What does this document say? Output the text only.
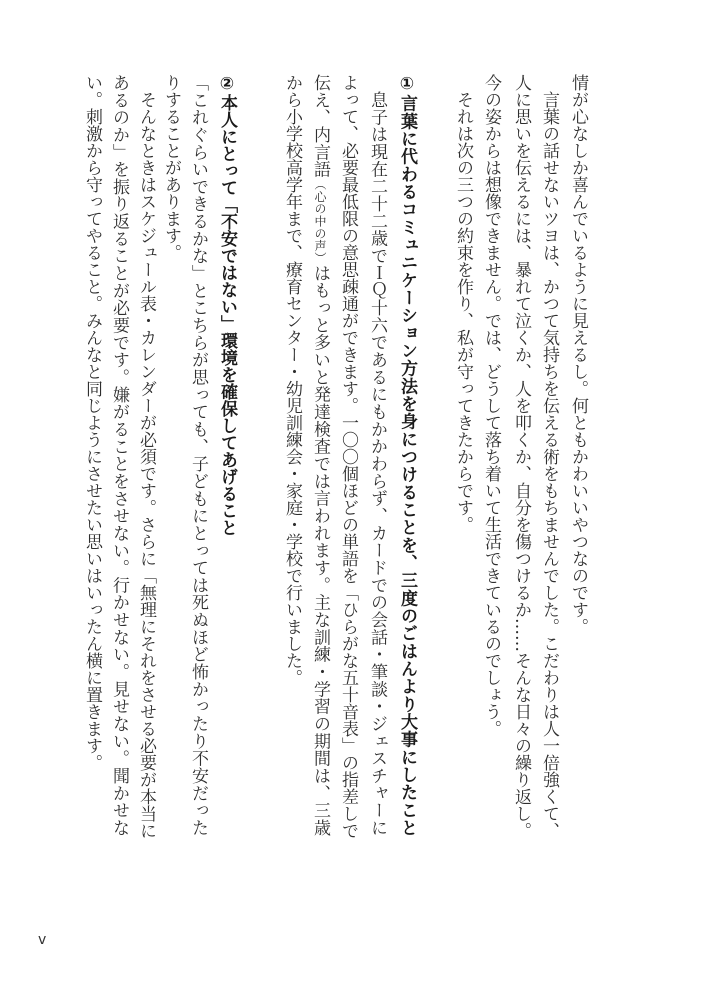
情が心なしか喜んでいるように見えるし。何ともかわいいやつなのです。
言葉の話せないツヨは、かつて気持ちを伝える術をもちませんでした。こだわりは人一倍強くて、
人に思いを伝えるには、暴れて泣くか、人を叩くか、自分を傷つけるか……そんな日々の繰り返し。
今の姿からは想像できません。では、どうして落ち着いて生活できているのでしょう。
それは次の三つの約束を作り、私が守ってきたからです。
①言葉に代わるコミュニケーション方法を身につけることを、三度のごはんより大事にしたこと
息子は現在二十二歳でＩＱ十六であるにもかかわらず、カードでの会話・筆談・ジェスチャーに
よって、必要最低限の意思疎通ができます。一〇〇個ほどの単語を「ひらがな五十音表」の指差しで
伝え、内言語（心の中の声）はもっと多いと発達検査では言われます。主な訓練・学習の期間は、三歳
から小学校高学年まで、療育センター・幼児訓練会・家庭・学校で行いました。
②本人にとって「不安ではない」環境を確保してあげること
「これぐらいできるかな」とこちらが思っても、子どもにとっては死ぬほど怖かったり不安だった
りすることがあります。
そんなときはスケジュール表・カレンダーが必須です。さらに「無理にそれをさせる必要が本当に
あるのか」を振り返ることが必要です。嫌がることをさせない。行かせない。見せない。聞かせな
い。刺激から守ってやること。みんなと同じようにさせたい思いはいったん横に置きます。
v
